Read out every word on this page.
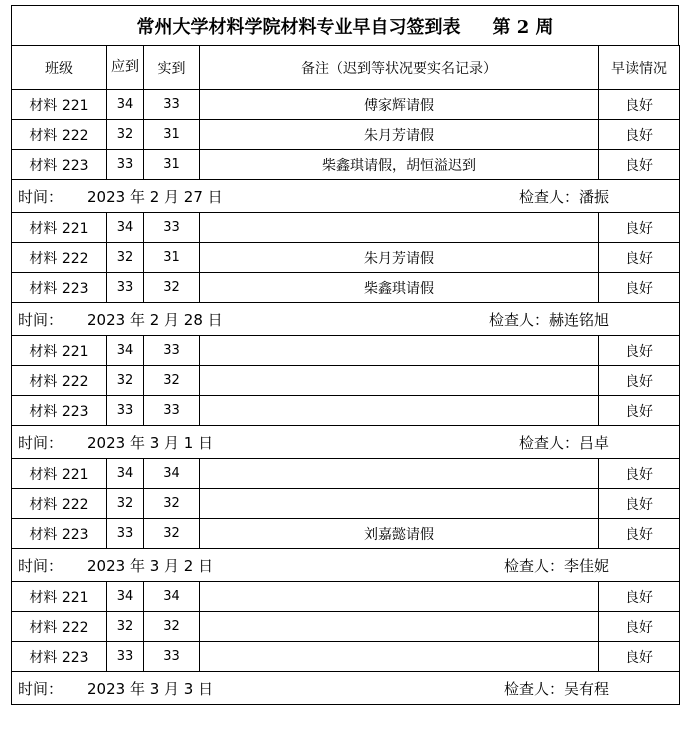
常州大学材料学院材料专业早自习签到表 第 2 周
班级	应到	实到	备注（迟到等状况要实名记录）	早读情况
材料 221	34	33	傅家辉请假	良好
材料 222	32	31	朱月芳请假	良好
材料 223	33	31	柴鑫琪请假，胡恒溢迟到	良好

时间： 2023 年 2 月 27 日 检查人：潘振				

材料 221	34	33		良好
材料 222	32	31	朱月芳请假	良好
材料 223	33	32	柴鑫琪请假	良好

时间： 2023 年 2 月 28 日 检查人：赫连铭旭				

材料 221	34	33		良好
材料 222	32	32		良好
材料 223	33	33		良好

时间： 2023 年 3 月 1 日 检查人：吕卓				

材料 221	34	34		良好
材料 222	32	32		良好
材料 223	33	32	刘嘉懿请假	良好

时间： 2023 年 3 月 2 日 检查人：李佳妮				

材料 221	34	34		良好
材料 222	32	32		良好
材料 223	33	33		良好

时间： 2023 年 3 月 3 日 检查人：吴有程				
